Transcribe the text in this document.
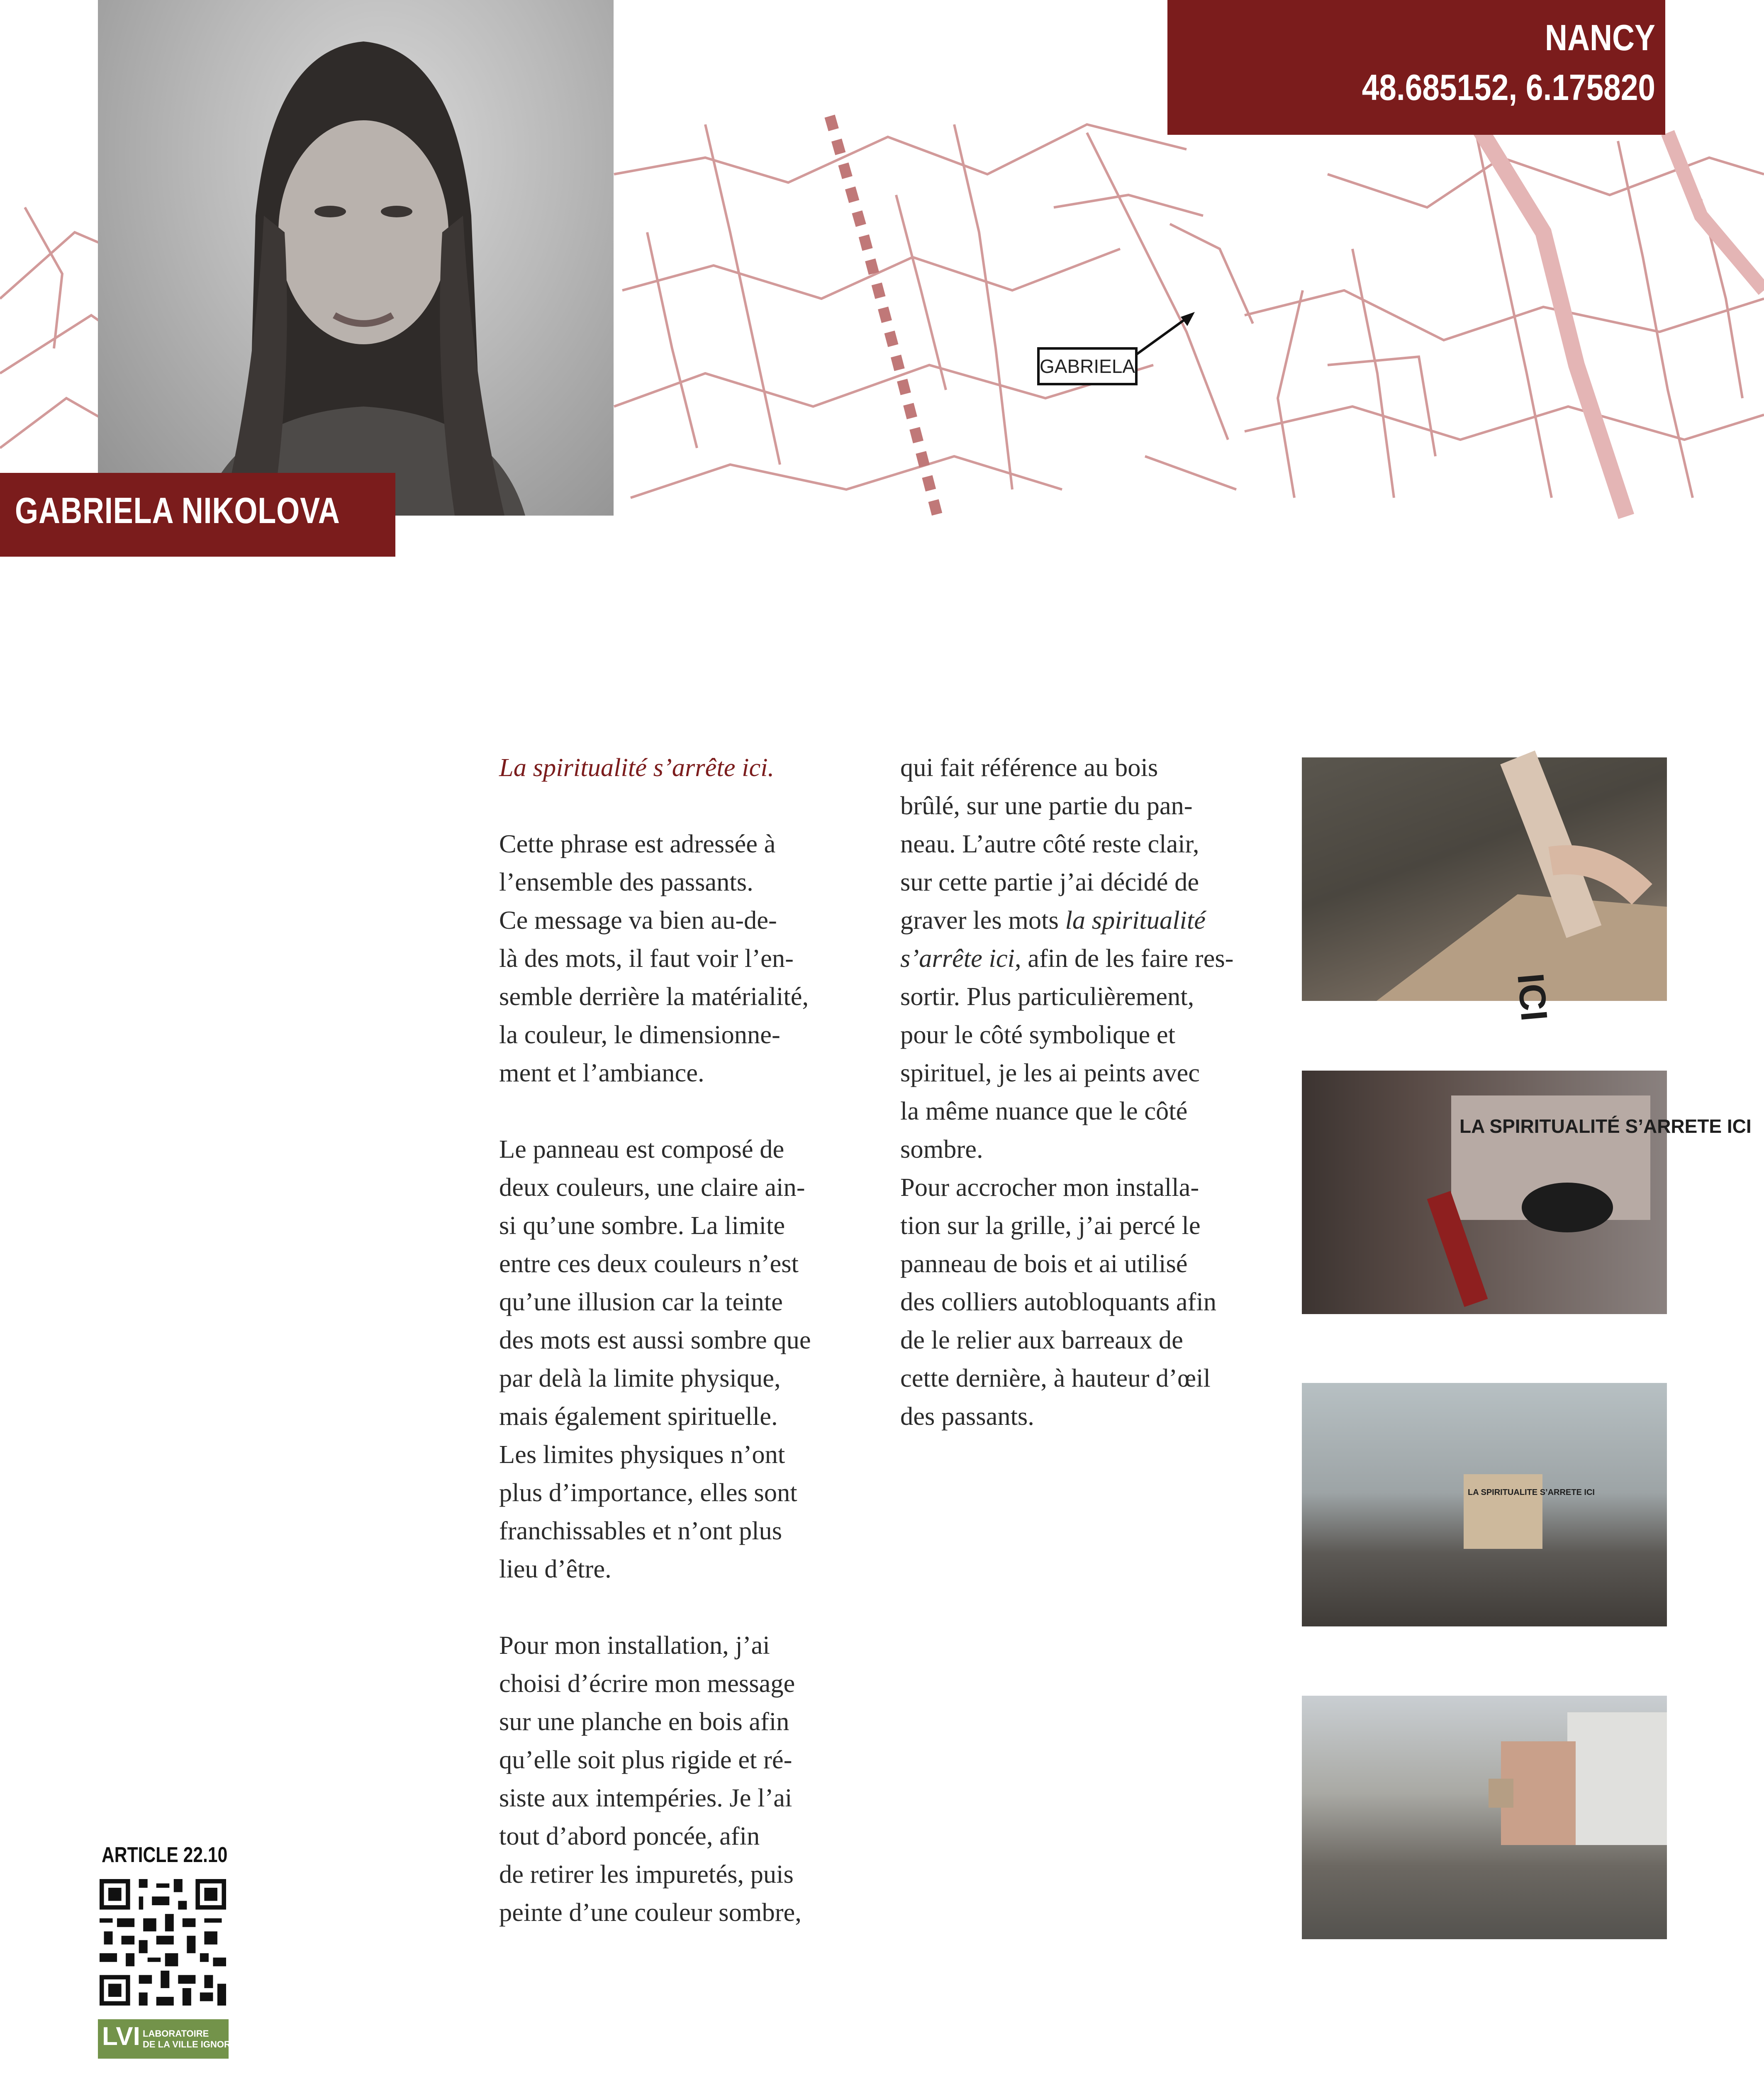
GABRIELA NIKOLOVA
NANCY
48.685152, 6.175820
GABRIELA
La spiritualité s’arrête ici.
Cette phrase est adressée à
l’ensemble des passants.
Ce message va bien au-de-
là des mots, il faut voir l’en-
semble derrière la matérialité,
la couleur, le dimensionne-
ment et l’ambiance.
Le panneau est composé de
deux couleurs, une claire ain-
si qu’une sombre. La limite
entre ces deux couleurs n’est
qu’une illusion car la teinte
des mots est aussi sombre que
par delà la limite physique,
mais également spirituelle.
Les limites physiques n’ont
plus d’importance, elles sont
franchissables et n’ont plus
lieu d’être.
Pour mon installation, j’ai
choisi d’écrire mon message
sur une planche en bois afin
qu’elle soit plus rigide et ré-
siste aux intempéries. Je l’ai
tout d’abord poncée, afin
de retirer les impuretés, puis
peinte d’une couleur sombre,
qui fait référence au bois
brûlé, sur une partie du pan-
neau. L’autre côté reste clair,
sur cette partie j’ai décidé de
graver les mots la spiritualité
s’arrête ici, afin de les faire res-
sortir. Plus particulièrement,
pour le côté symbolique et
spirituel, je les ai peints avec
la même nuance que le côté
sombre.
Pour accrocher mon installa-
tion sur la grille, j’ai percé le
panneau de bois et ai utilisé
des colliers autobloquants afin
de le relier aux barreaux de
cette dernière, à hauteur d’œil
des passants.
ICI
LA SPIRITUALITÉ S’ARRETE ICI
LA SPIRITUALITE S’ARRETE ICI
ARTICLE 22.10
LVI LABORATOIRE
DE LA VILLE IGNORÉE
